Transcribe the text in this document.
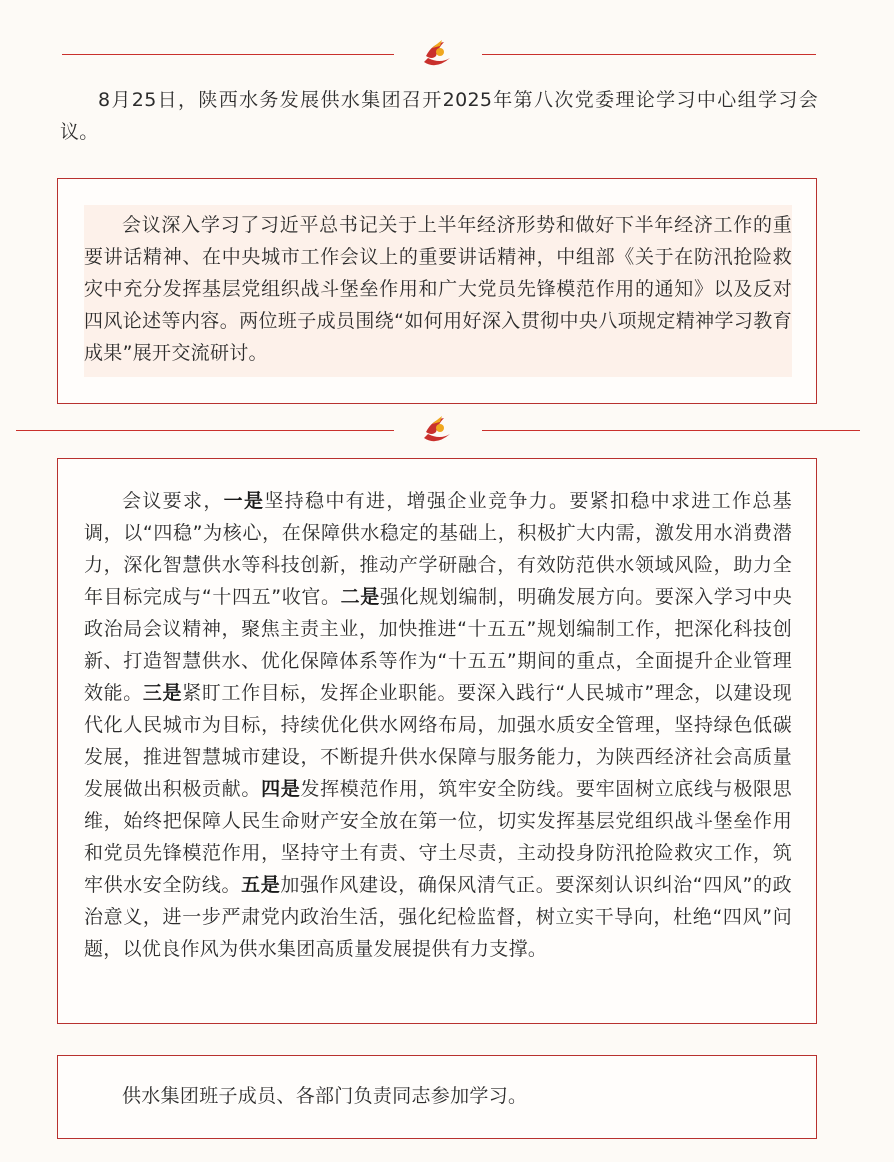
8月25日，陕西水务发展供水集团召开2025年第八次党委理论学习中心组学习会议。

会议深入学习了习近平总书记关于上半年经济形势和做好下半年经济工作的重要讲话精神、在中央城市工作会议上的重要讲话精神，中组部《关于在防汛抢险救灾中充分发挥基层党组织战斗堡垒作用和广大党员先锋模范作用的通知》以及反对四风论述等内容。两位班子成员围绕“如何用好深入贯彻中央八项规定精神学习教育成果”展开交流研讨。

会议要求，一是坚持稳中有进，增强企业竞争力。要紧扣稳中求进工作总基调，以“四稳”为核心，在保障供水稳定的基础上，积极扩大内需，激发用水消费潜力，深化智慧供水等科技创新，推动产学研融合，有效防范供水领域风险，助力全年目标完成与“十四五”收官。二是强化规划编制，明确发展方向。要深入学习中央政治局会议精神，聚焦主责主业，加快推进“十五五”规划编制工作，把深化科技创新、打造智慧供水、优化保障体系等作为“十五五”期间的重点，全面提升企业管理效能。三是紧盯工作目标，发挥企业职能。要深入践行“人民城市”理念，以建设现代化人民城市为目标，持续优化供水网络布局，加强水质安全管理，坚持绿色低碳发展，推进智慧城市建设，不断提升供水保障与服务能力，为陕西经济社会高质量发展做出积极贡献。四是发挥模范作用，筑牢安全防线。要牢固树立底线与极限思维，始终把保障人民生命财产安全放在第一位，切实发挥基层党组织战斗堡垒作用和党员先锋模范作用，坚持守土有责、守土尽责，主动投身防汛抢险救灾工作，筑牢供水安全防线。五是加强作风建设，确保风清气正。要深刻认识纠治“四风”的政治意义，进一步严肃党内政治生活，强化纪检监督，树立实干导向，杜绝“四风”问题，以优良作风为供水集团高质量发展提供有力支撑。

供水集团班子成员、各部门负责同志参加学习。
